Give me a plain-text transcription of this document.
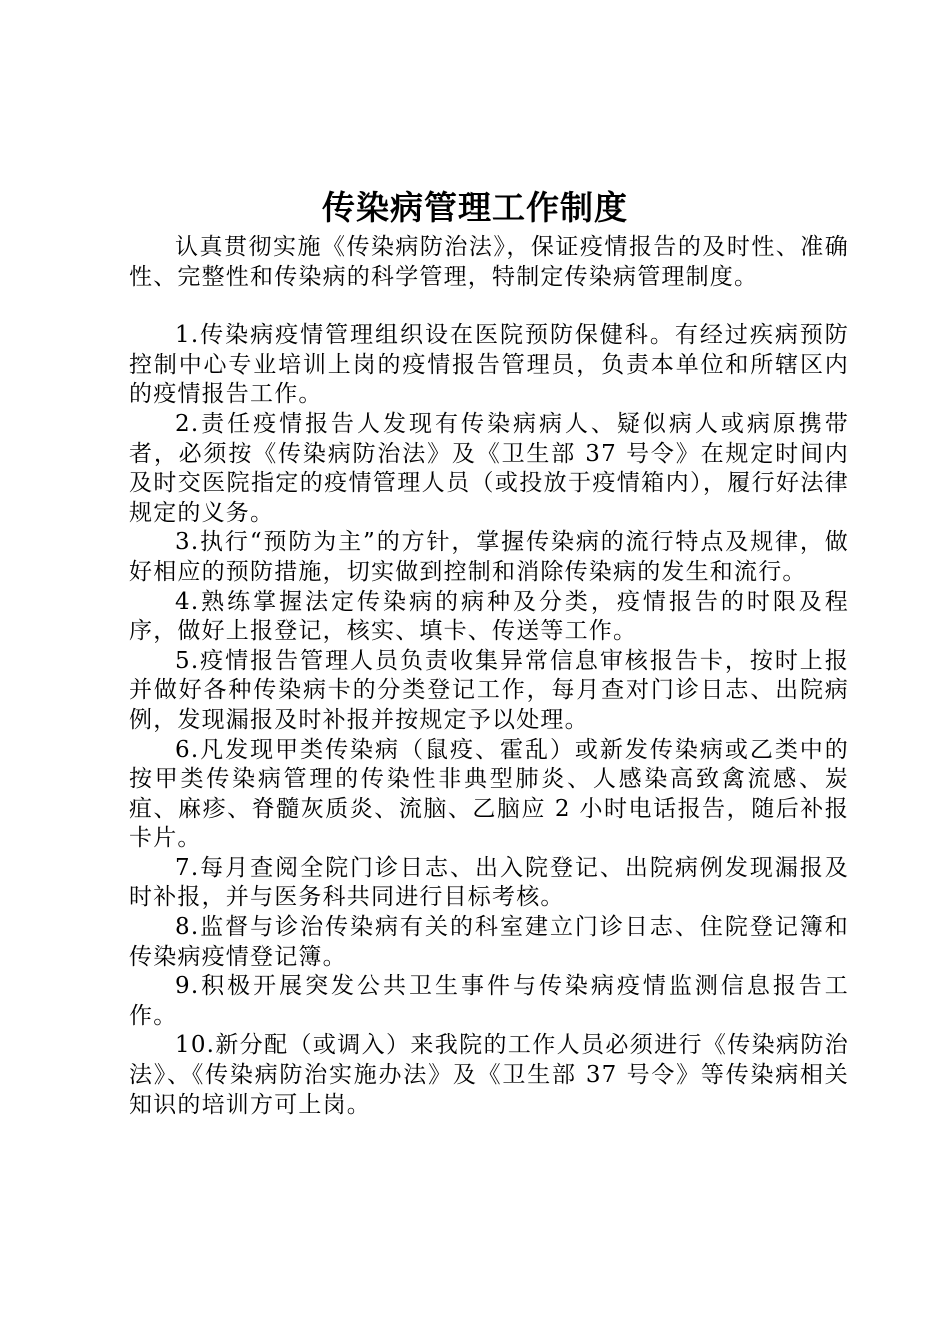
传染病管理工作制度

认真贯彻实施《传染病防治法》，保证疫情报告的及时性、准确性、完整性和传染病的科学管理，特制定传染病管理制度。

1.传染病疫情管理组织设在医院预防保健科。有经过疾病预防控制中心专业培训上岗的疫情报告管理员，负责本单位和所辖区内的疫情报告工作。

2.责任疫情报告人发现有传染病病人、疑似病人或病原携带者，必须按《传染病防治法》及《卫生部 37 号令》在规定时间内及时交医院指定的疫情管理人员（或投放于疫情箱内），履行好法律规定的义务。

3.执行“预防为主”的方针，掌握传染病的流行特点及规律，做好相应的预防措施，切实做到控制和消除传染病的发生和流行。

4.熟练掌握法定传染病的病种及分类，疫情报告的时限及程序，做好上报登记，核实、填卡、传送等工作。

5.疫情报告管理人员负责收集异常信息审核报告卡，按时上报并做好各种传染病卡的分类登记工作，每月查对门诊日志、出院病例，发现漏报及时补报并按规定予以处理。

6.凡发现甲类传染病（鼠疫、霍乱）或新发传染病或乙类中的按甲类传染病管理的传染性非典型肺炎、人感染高致禽流感、炭疽、麻疹、脊髓灰质炎、流脑、乙脑应 2 小时电话报告，随后补报卡片。

7.每月查阅全院门诊日志、出入院登记、出院病例发现漏报及时补报，并与医务科共同进行目标考核。

8.监督与诊治传染病有关的科室建立门诊日志、住院登记簿和传染病疫情登记簿。

9.积极开展突发公共卫生事件与传染病疫情监测信息报告工作。

10.新分配（或调入）来我院的工作人员必须进行《传染病防治法》、《传染病防治实施办法》及《卫生部 37 号令》等传染病相关知识的培训方可上岗。
